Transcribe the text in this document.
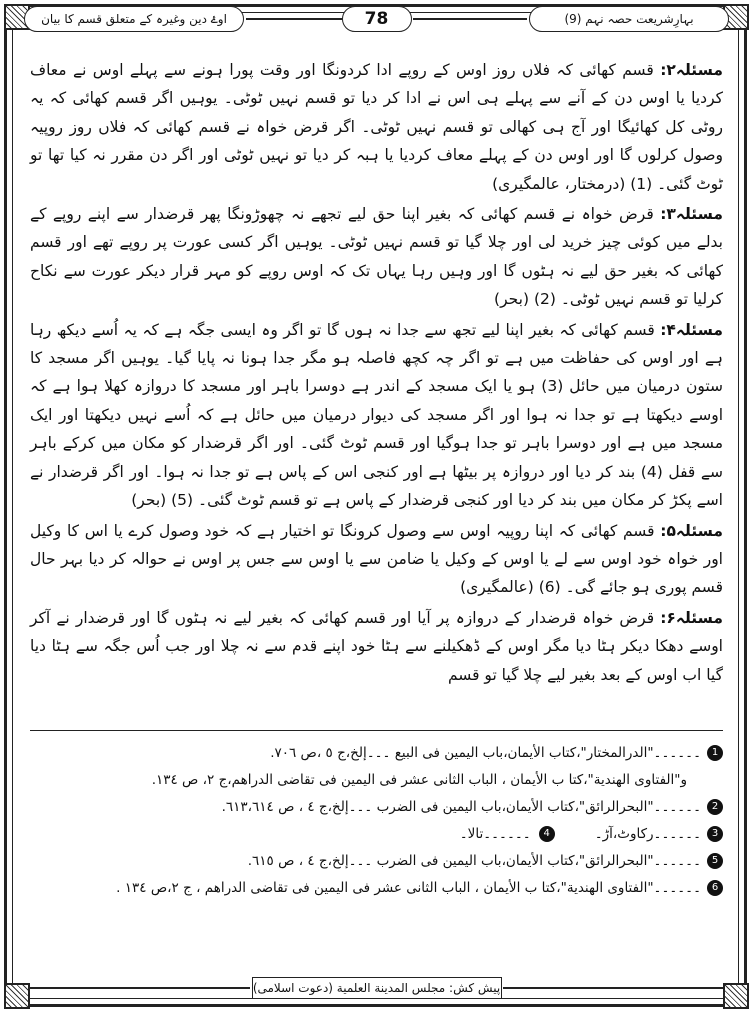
بہارِشریعت حصہ نہم (9)
78
اوۓ دین وغیرہ کے متعلق قسم کا بیان

مسئلہ۲: قسم کھائی کہ فلاں روز اوس کے روپے ادا کردونگا اور وقت پورا ہونے سے پہلے اوس نے معاف کردیا یا اوس دن کے آنے سے پہلے ہی اس نے ادا کر دیا تو قسم نہیں ٹوٹی۔ یوہیں اگر قسم کھائی کہ یہ روٹی کل کھائیگا اور آج ہی کھالی تو قسم نہیں ٹوٹی۔ اگر قرض خواہ نے قسم کھائی کہ فلاں روز روپیہ وصول کرلوں گا اور اوس دن کے پہلے معاف کردیا یا ہبہ کر دیا تو نہیں ٹوٹی اور اگر دن مقرر نہ کیا تھا تو ٹوٹ گئی۔ (1) (درمختار، عالمگیری)

مسئلہ۳: قرض خواہ نے قسم کھائی کہ بغیر اپنا حق لیے تجھے نہ چھوڑونگا پھر قرضدار سے اپنے روپے کے بدلے میں کوئی چیز خرید لی اور چلا گیا تو قسم نہیں ٹوٹی۔ یوہیں اگر کسی عورت پر روپے تھے اور قسم کھائی کہ بغیر حق لیے نہ ہٹوں گا اور وہیں رہا یہاں تک کہ اوس روپے کو مہر قرار دیکر عورت سے نکاح کرلیا تو قسم نہیں ٹوٹی۔ (2) (بحر)

مسئلہ۴: قسم کھائی کہ بغیر اپنا لیے تجھ سے جدا نہ ہوں گا تو اگر وہ ایسی جگہ ہے کہ یہ اُسے دیکھ رہا ہے اور اوس کی حفاظت میں ہے تو اگر چہ کچھ فاصلہ ہو مگر جدا ہونا نہ پایا گیا۔ یوہیں اگر مسجد کا ستون درمیان میں حائل (3) ہو یا ایک مسجد کے اندر ہے دوسرا باہر اور مسجد کا دروازہ کھلا ہوا ہے کہ اوسے دیکھتا ہے تو جدا نہ ہوا اور اگر مسجد کی دیوار درمیان میں حائل ہے کہ اُسے نہیں دیکھتا اور ایک مسجد میں ہے اور دوسرا باہر تو جدا ہوگیا اور قسم ٹوٹ گئی۔ اور اگر قرضدار کو مکان میں کرکے باہر سے قفل (4) بند کر دیا اور دروازہ پر بیٹھا ہے اور کنجی اس کے پاس ہے تو جدا نہ ہوا۔ اور اگر قرضدار نے اسے پکڑ کر مکان میں بند کر دیا اور کنجی قرضدار کے پاس ہے تو قسم ٹوٹ گئی۔ (5) (بحر)

مسئلہ۵: قسم کھائی کہ اپنا روپیہ اوس سے وصول کرونگا تو اختیار ہے کہ خود وصول کرے یا اس کا وکیل اور خواہ خود اوس سے لے یا اوس کے وکیل یا ضامن سے یا اوس سے جس پر اوس نے حوالہ کر دیا بہر حال قسم پوری ہو جائے گی۔ (6) (عالمگیری)

مسئلہ۶: قرض خواہ قرضدار کے دروازہ پر آیا اور قسم کھائی کہ بغیر لیے نہ ہٹوں گا اور قرضدار نے آکر اوسے دھکا دیکر ہٹا دیا مگر اوس کے ڈھکیلنے سے ہٹا خود اپنے قدم سے نہ چلا اور جب اُس جگہ سے ہٹا دیا گیا اب اوس کے بعد بغیر لیے چلا گیا تو قسم

1
۔۔۔۔۔۔"الدرالمختار"،کتاب الأیمان،باب الیمین فی البیع ۔۔۔إلخ،ج ٥ ،ص ٧٠٦.
و"الفتاوی الھندیة"،کتا ب الأیمان ، الباب الثانی عشر فی الیمین فی تقاضی الدراھم،ج ۲، ص ١٣٤.
2
۔۔۔۔۔۔"البحرالرائق"،کتاب الأیمان،باب الیمین فی الضرب ۔۔۔إلخ،ج ٤ ، ص ٦١٣،٦١٤.
3
۔۔۔۔۔۔رکاوٹ،آڑ۔4۔۔۔۔۔۔تالا۔
5
۔۔۔۔۔۔"البحرالرائق"،کتاب الأیمان،باب الیمین فی الضرب ۔۔۔إلخ،ج ٤ ، ص ٦١٥.
6
۔۔۔۔۔۔"الفتاوی الھندیة"،کتا ب الأیمان ، الباب الثانی عشر فی الیمین فی تقاضی الدراھم ، ج ٢،ص ١٣٤ .
پیش کش: مجلس المدینة العلمیة (دعوت اسلامی)
